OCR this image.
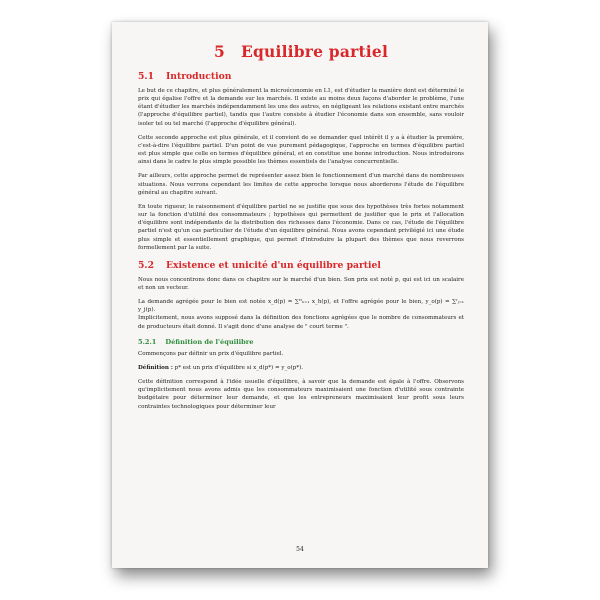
5 Equilibre partiel
5.1 Introduction

Le but de ce chapitre, et plus généralement la microéconomie en L1, est d'étudier la manière dont est déterminé le prix qui égalise l'offre et la demande sur les marchés. Il existe au moins deux façons d'aborder le problème, l'une étant d'étudier les marchés indépendamment les uns des autres, en négligeant les relations existant entre marchés (l'approche d'équilibre partiel), tandis que l'autre consiste à étudier l'économie dans son ensemble, sans vouloir isoler tel ou tel marché (l'approche d'équilibre général).

Cette seconde approche est plus générale, et il convient de se demander quel intérêt il y a à étudier la première, c'est-à-dire l'équilibre partiel. D'un point de vue purement pédagogique, l'approche en termes d'équilibre partiel est plus simple que celle en termes d'équilibre général, et en constitue une bonne introduction. Nous introduirons ainsi dans le cadre le plus simple possible les thèmes essentiels de l'analyse concurrentielle.

Par ailleurs, cette approche permet de représenter assez bien le fonctionnement d'un marché dans de nombreuses situations. Nous verrons cependant les limites de cette approche lorsque nous aborderons l'étude de l'équilibre général au chapitre suivant.

En toute rigueur, le raisonnement d'équilibre partiel ne se justifie que sous des hypothèses très fortes notamment sur la fonction d'utilité des consommateurs ; hypothèses qui permettent de justifier que le prix et l'allocation d'équilibre sont indépendants de la distribution des richesses dans l'économie. Dans ce cas, l'étude de l'équilibre partiel n'est qu'un cas particulier de l'étude d'un équilibre général. Nous avons cependant privilégié ici une étude plus simple et essentiellement graphique, qui permet d'introduire la plupart des thèmes que nous reverrons formellement par la suite.

5.2 Existence et unicité d'un équilibre partiel

Nous nous concentrons donc dans ce chapitre sur le marché d'un bien. Son prix est noté p, qui est ici un scalaire et non un vecteur.

La demande agrégée pour le bien est notée x_d(p) = ∑ᴴₕ₌₁ x_h(p), et l'offre agrégée pour le bien, y_o(p) = ∑ᶠⱼ₌₁ y_j(p).

Implicitement, nous avons supposé dans la définition des fonctions agrégées que le nombre de consommateurs et de producteurs était donné. Il s'agit donc d'une analyse de " court terme ".

5.2.1 Définition de l'équilibre

Commençons par définir un prix d'équilibre partiel.

Définition : p* est un prix d'équilibre si x_d(p*) = y_o(p*).

Cette définition correspond à l'idée usuelle d'équilibre, à savoir que la demande est égale à l'offre. Observons qu'implicitement nous avons admis que les consommateurs maximisaient une fonction d'utilité sous contrainte budgétaire pour déterminer leur demande, et que les entrepreneurs maximisaient leur profit sous leurs contraintes technologiques pour déterminer leur

54
